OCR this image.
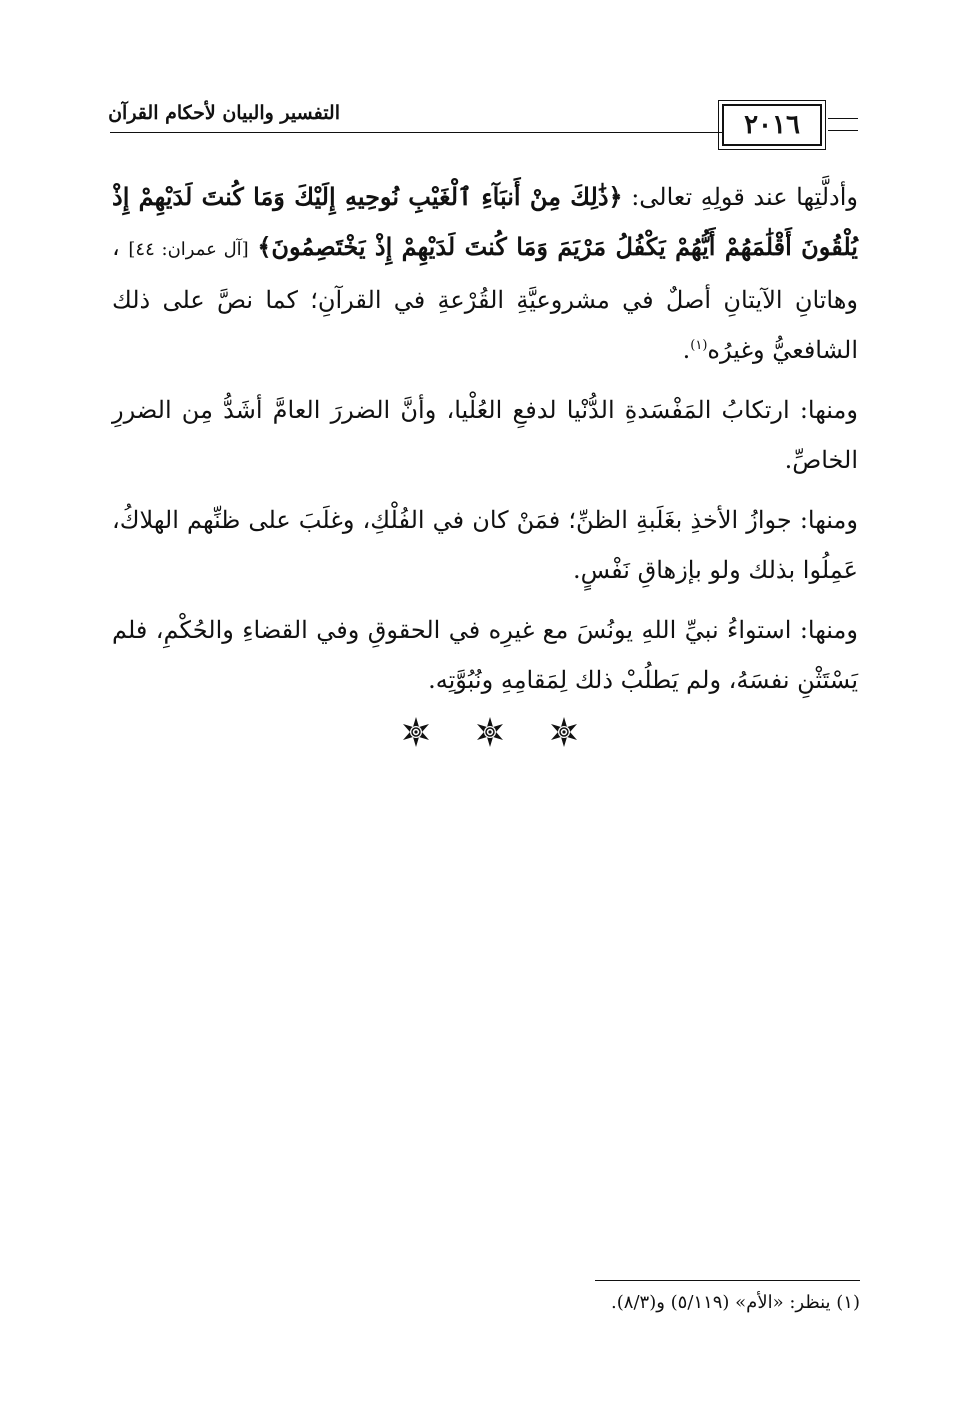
التفسير والبيان لأحكام القرآن	٢٠١٦

وأدلَّتِها عند قولِهِ تعالى: ﴿ذَٰلِكَ مِنْ أَنبَآءِ ٱلْغَيْبِ نُوحِيهِ إِلَيْكَ وَمَا كُنتَ لَدَيْهِمْ إِذْ يُلْقُونَ أَقْلَٰمَهُمْ أَيُّهُمْ يَكْفُلُ مَرْيَمَ وَمَا كُنتَ لَدَيْهِمْ إِذْ يَخْتَصِمُونَ﴾ [آل عمران: ٤٤] ، وهاتانِ الآيتانِ أصلٌ في مشروعيَّةِ القُرْعةِ في القرآنِ؛ كما نصَّ على ذلك الشافعيُّ وغيرُه$^{(١)}$.

ومنها: ارتكابُ المَفْسَدةِ الدُّنْيا لدفعِ العُلْيا، وأنَّ الضررَ العامَّ أشَدُّ مِن الضررِ الخاصِّ.

ومنها: جوازُ الأخذِ بغَلَبةِ الظنِّ؛ فمَنْ كان في الفُلْكِ، وغلَبَ على ظنِّهم الهلاكُ، عَمِلُوا بذلك ولو بإزهاقِ نَفْسٍ.

ومنها: استواءُ نبيِّ اللهِ يونُسَ مع غيرِه في الحقوقِ وفي القضاءِ والحُكْمِ، فلم يَسْتَثْنِ نفسَهُ، ولم يَطلُبْ ذلك لِمَقامِهِ ونُبُوَّتِه.

(١) ينظر: «الأم» (٥/١١٩) و(٨/٣).
